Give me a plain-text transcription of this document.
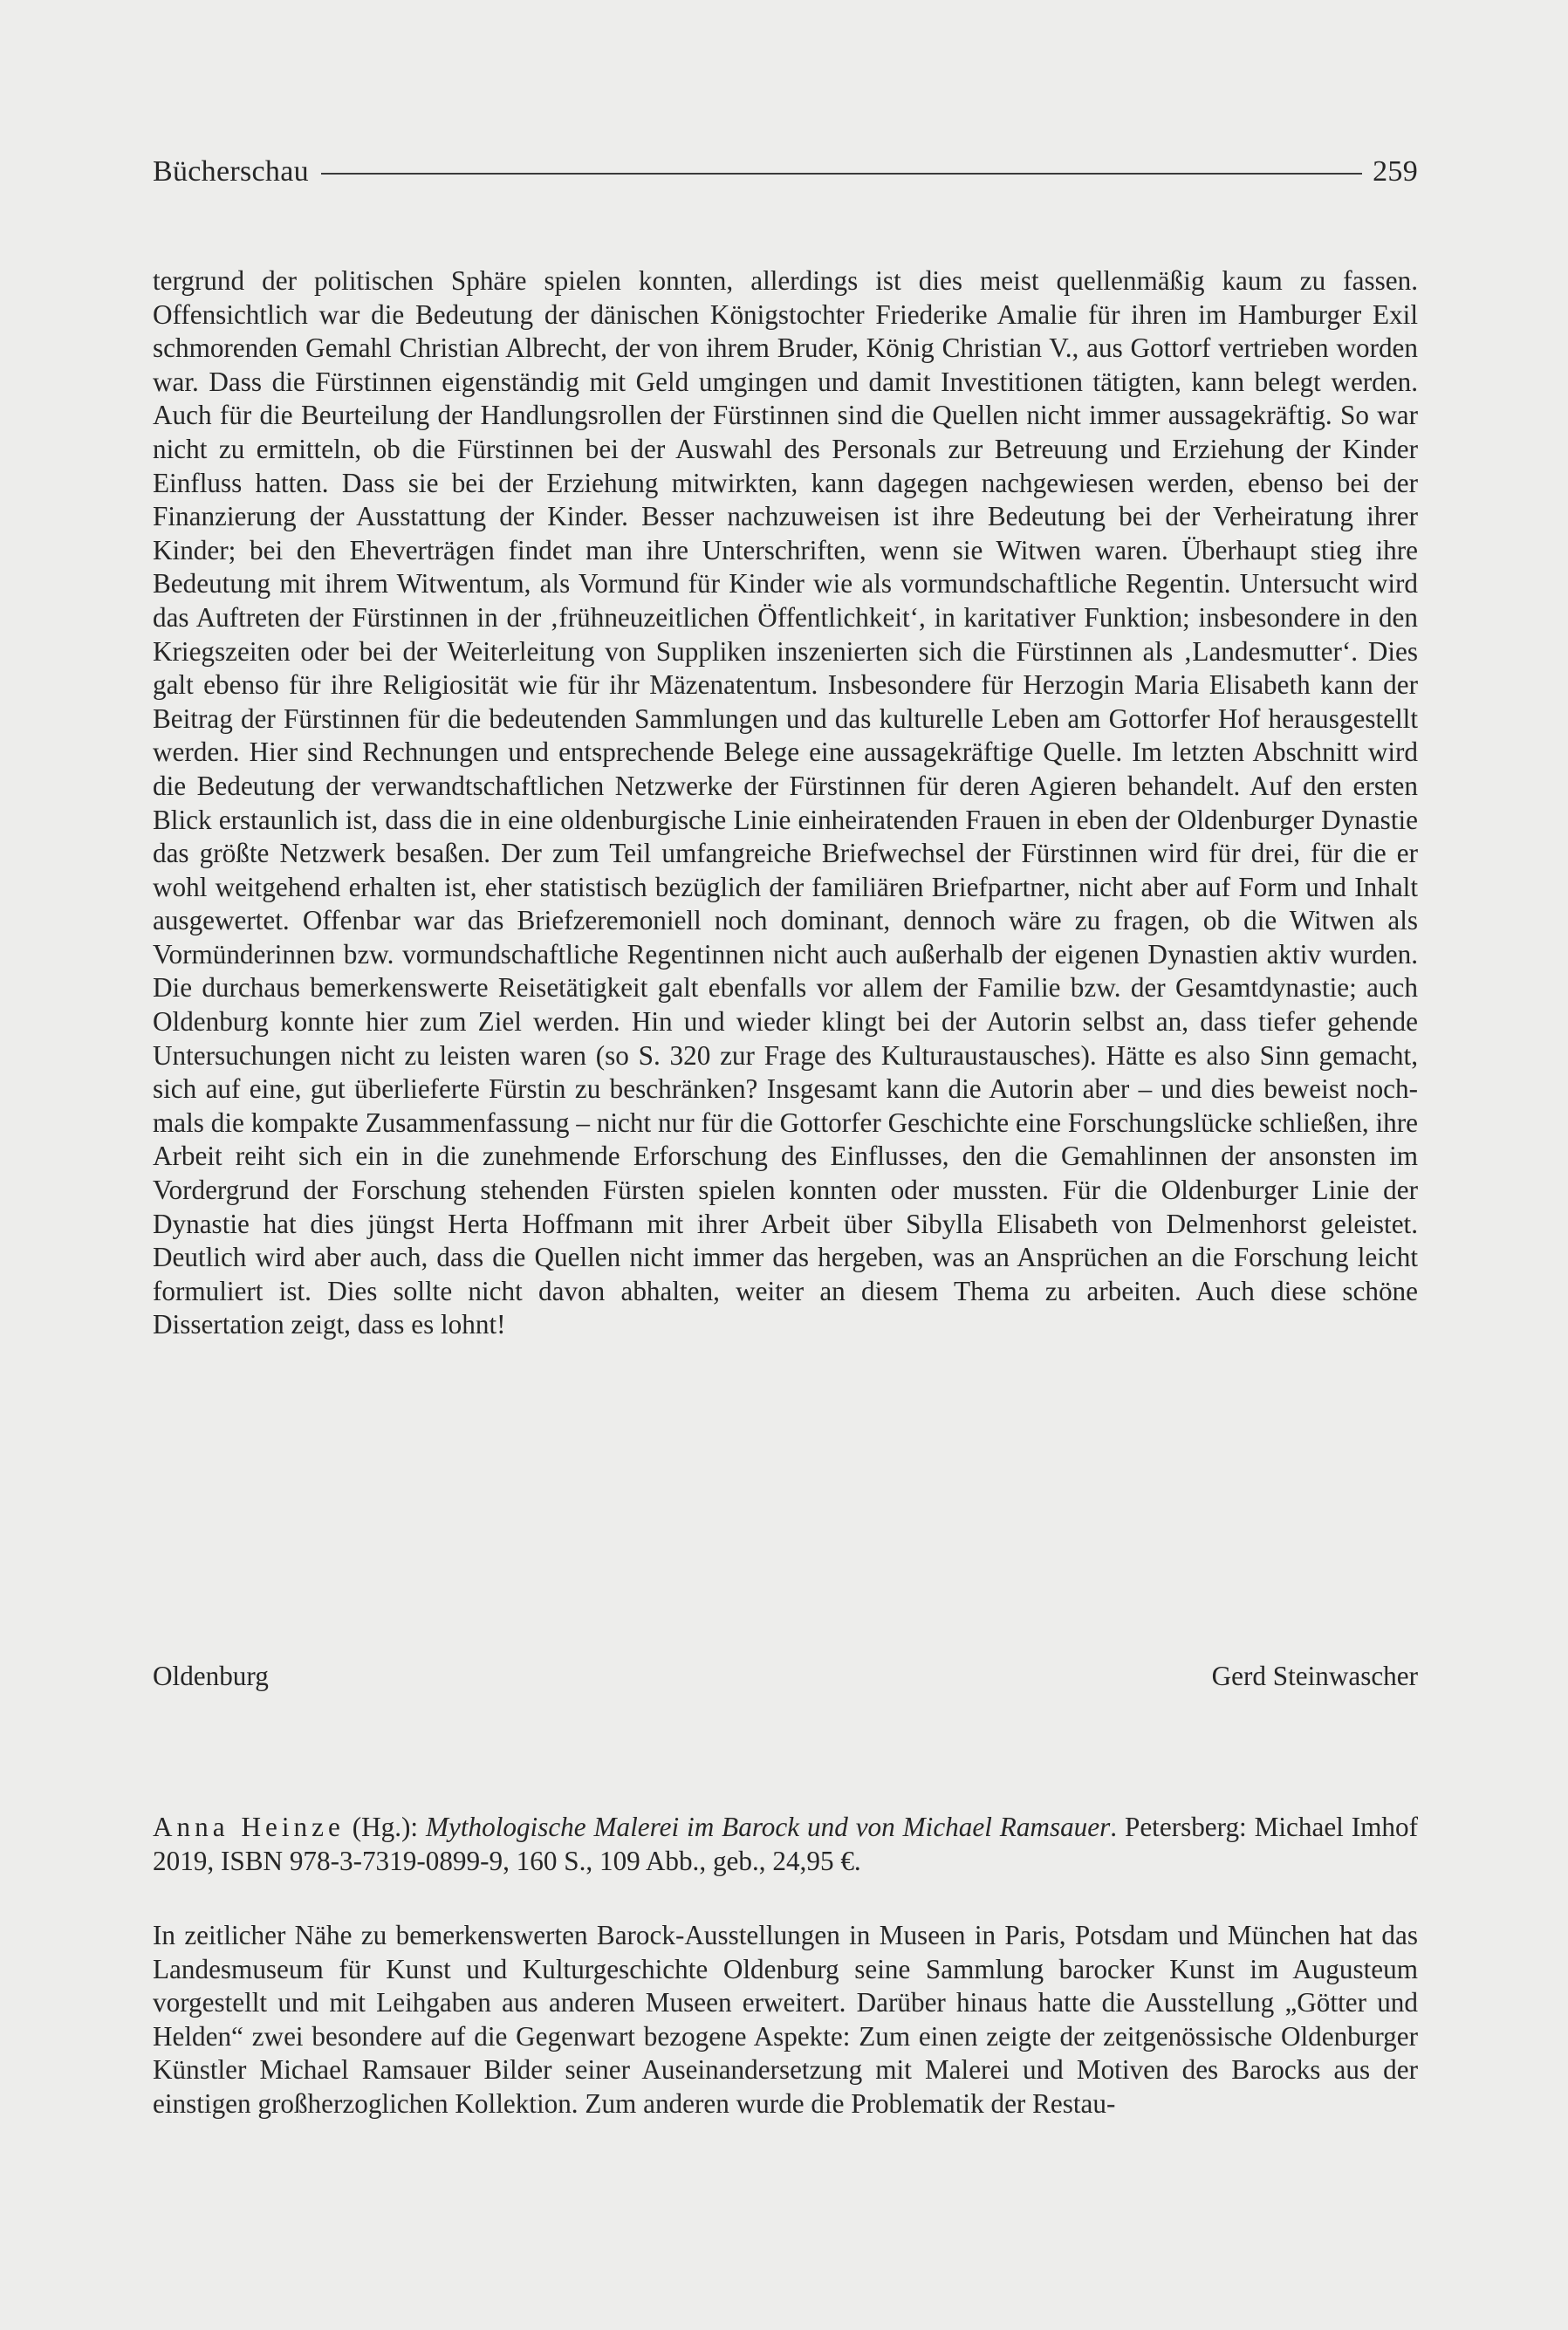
Bücherschau	259

tergrund der politischen Sphäre spielen konnten, allerdings ist dies meist quellenmäßig kaum zu fassen. Offensichtlich war die Bedeutung der dänischen Königstochter Friederike Amalie für ihren im Hamburger Exil schmorenden Gemahl Christian Albrecht, der von ihrem Bruder, König Christian V., aus Gottorf vertrieben worden war. Dass die Fürstinnen eigenständig mit Geld umgingen und damit Investitionen tätigten, kann belegt werden. Auch für die Beurteilung der Handlungsrollen der Fürstinnen sind die Quellen nicht immer aussagekräftig. So war nicht zu ermitteln, ob die Fürstinnen bei der Auswahl des Personals zur Betreuung und Erziehung der Kinder Einfluss hatten. Dass sie bei der Erziehung mitwirkten, kann dagegen nachgewiesen werden, ebenso bei der Finanzierung der Ausstattung der Kinder. Besser nachzuweisen ist ihre Bedeutung bei der Verheiratung ihrer Kinder; bei den Eheverträgen findet man ihre Unterschriften, wenn sie Witwen waren. Überhaupt stieg ihre Bedeutung mit ihrem Witwentum, als Vormund für Kinder wie als vormundschaftliche Regentin. Untersucht wird das Auftreten der Fürstinnen in der ‚frühneuzeitlichen Öffentlichkeit‘, in karitativer Funktion; insbesondere in den Kriegszeiten oder bei der Weiterleitung von Suppliken inszenierten sich die Fürstinnen als ‚Landesmutter‘. Dies galt ebenso für ihre Religiosität wie für ihr Mäzenatentum. Insbesondere für Herzogin Maria Elisabeth kann der Beitrag der Fürstinnen für die bedeutenden Sammlungen und das kulturelle Leben am Gottorfer Hof herausgestellt werden. Hier sind Rechnungen und entsprechende Belege eine aussagekräftige Quelle. Im letzten Abschnitt wird die Bedeutung der verwandtschaftlichen Netzwerke der Fürstinnen für deren Agieren behandelt. Auf den ersten Blick erstaunlich ist, dass die in eine oldenburgische Linie einheiratenden Frauen in eben der Oldenburger Dynastie das größte Netzwerk besaßen. Der zum Teil umfangreiche Briefwechsel der Fürstinnen wird für drei, für die er wohl weitgehend erhalten ist, eher statistisch bezüglich der familiären Briefpartner, nicht aber auf Form und Inhalt ausgewertet. Offenbar war das Briefzeremoniell noch dominant, dennoch wäre zu fragen, ob die Witwen als Vormünderinnen bzw. vormundschaftliche Regentinnen nicht auch außerhalb der eigenen Dynastien aktiv wurden. Die durchaus bemerkenswerte Reisetätigkeit galt ebenfalls vor allem der Familie bzw. der Gesamtdynastie; auch Oldenburg konnte hier zum Ziel werden. Hin und wieder klingt bei der Autorin selbst an, dass tiefer gehende Untersuchungen nicht zu leisten waren (so S. 320 zur Frage des Kulturaustausches). Hätte es also Sinn gemacht, sich auf eine, gut überlieferte Fürstin zu beschränken? Insgesamt kann die Autorin aber – und dies beweist nochmals die kompakte Zusammenfassung – nicht nur für die Gottorfer Geschichte eine Forschungslücke schließen, ihre Arbeit reiht sich ein in die zunehmende Erforschung des Einflusses, den die Gemahlinnen der ansonsten im Vordergrund der Forschung stehenden Fürsten spielen konnten oder mussten. Für die Oldenburger Linie der Dynastie hat dies jüngst Herta Hoffmann mit ihrer Arbeit über Sibylla Elisabeth von Delmenhorst geleistet. Deutlich wird aber auch, dass die Quellen nicht immer das hergeben, was an Ansprüchen an die Forschung leicht formuliert ist. Dies sollte nicht davon abhalten, weiter an diesem Thema zu arbeiten. Auch diese schöne Dissertation zeigt, dass es lohnt!

Oldenburg	Gerd Steinwascher

Anna Heinze (Hg.): Mythologische Malerei im Barock und von Michael Ramsauer. Petersberg: Michael Imhof 2019, ISBN 978-3-7319-0899-9, 160 S., 109 Abb., geb., 24,95 €.

In zeitlicher Nähe zu bemerkenswerten Barock-Ausstellungen in Museen in Paris, Potsdam und München hat das Landesmuseum für Kunst und Kulturgeschichte Oldenburg seine Sammlung barocker Kunst im Augusteum vorgestellt und mit Leihgaben aus anderen Museen erweitert. Darüber hinaus hatte die Ausstellung „Götter und Helden“ zwei besondere auf die Gegenwart bezogene Aspekte: Zum einen zeigte der zeitgenössische Oldenburger Künstler Michael Ramsauer Bilder seiner Auseinandersetzung mit Malerei und Motiven des Barocks aus der einstigen großherzoglichen Kollektion. Zum anderen wurde die Problematik der Restau-
